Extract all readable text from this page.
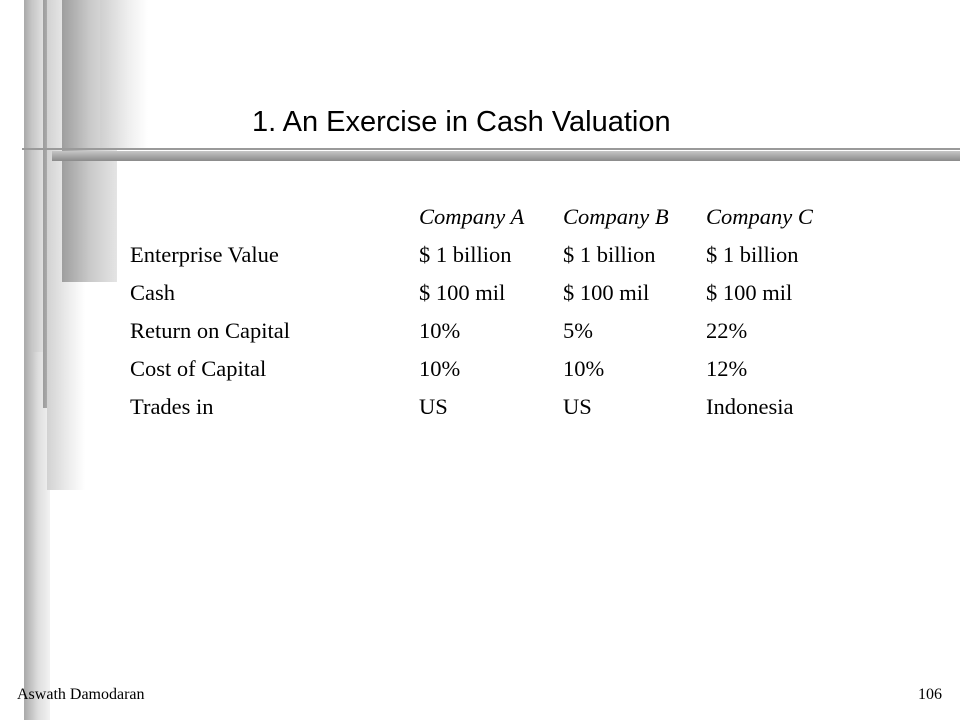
1. An Exercise in Cash Valuation
	Company A	Company B	Company C
Enterprise Value	$ 1 billion	$ 1 billion	$ 1 billion
Cash	$ 100 mil	$ 100 mil	$ 100 mil
Return on Capital	10%	5%	22%
Cost of Capital	10%	10%	12%
Trades in	US	US	Indonesia
Aswath Damodaran	106
